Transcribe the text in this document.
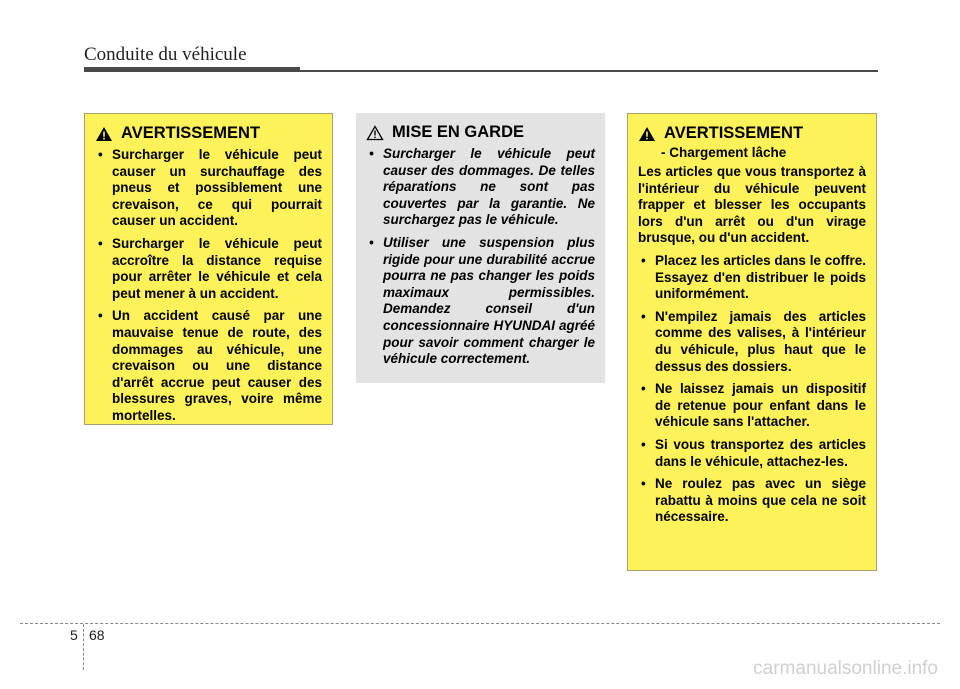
Conduite du véhicule
AVERTISSEMENT
• Surcharger le véhicule peut causer un surchauffage des pneus et possiblement une crevaison, ce qui pourrait causer un accident.
• Surcharger le véhicule peut accroître la distance requise pour arrêter le véhicule et cela peut mener à un accident.
• Un accident causé par une mauvaise tenue de route, des dommages au véhicule, une crevaison ou une distance d'arrêt accrue peut causer des blessures graves, voire même mortelles.
MISE EN GARDE
• Surcharger le véhicule peut causer des dommages. De telles réparations ne sont pas couvertes par la garantie. Ne surchargez pas le véhicule.
• Utiliser une suspension plus rigide pour une durabilité accrue pourra ne pas changer les poids maximaux permissibles. Demandez conseil d'un concessionnaire HYUNDAI agréé pour savoir comment charger le véhicule correctement.
AVERTISSEMENT
- Chargement lâche

Les articles que vous transportez à l'intérieur du véhicule peuvent frapper et blesser les occupants lors d'un arrêt ou d'un virage brusque, ou d'un accident.

• Placez les articles dans le coffre. Essayez d'en distribuer le poids uniformément.
• N'empilez jamais des articles comme des valises, à l'intérieur du véhicule, plus haut que le dessus des dossiers.
• Ne laissez jamais un dispositif de retenue pour enfant dans le véhicule sans l'attacher.
• Si vous transportez des articles dans le véhicule, attachez-les.
• Ne roulez pas avec un siège rabattu à moins que cela ne soit nécessaire.
5 68
carmanualsonline.info
